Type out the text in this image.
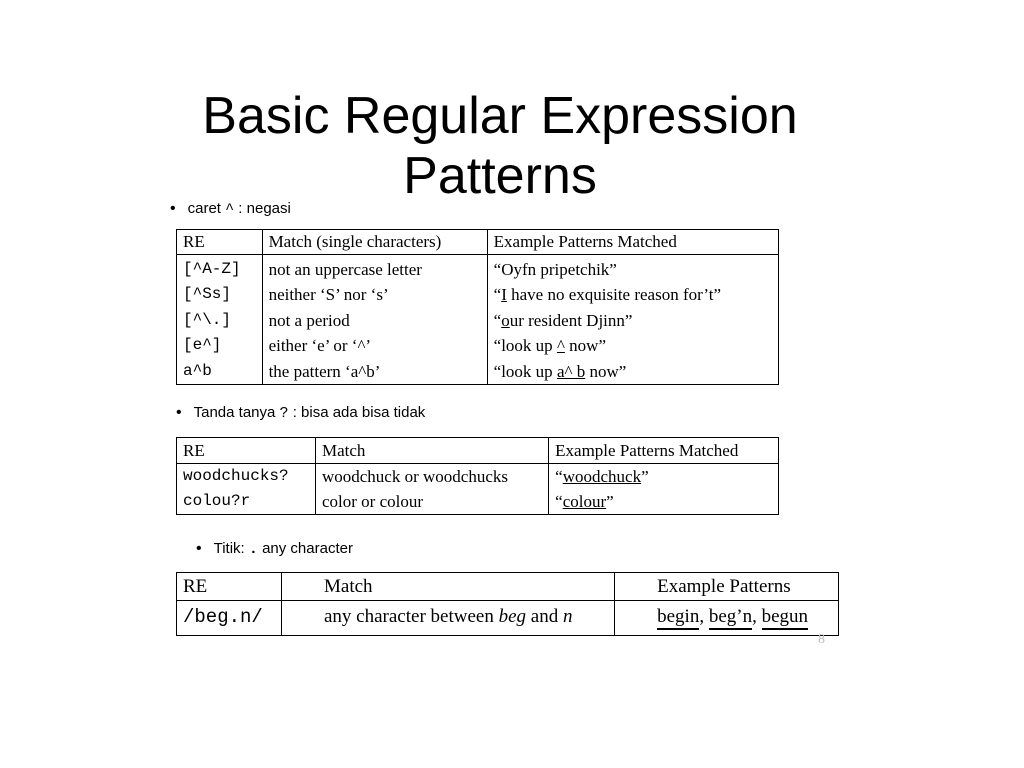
Basic Regular Expression
Patterns
• caret ^ : negasi
RE	Match (single characters)	Example Patterns Matched
[^A-Z]	not an uppercase letter	“Oyfn pripetchik”
[^Ss]	neither ‘S’ nor ‘s’	“I have no exquisite reason for’t”
[^\.]	not a period	“our resident Djinn”
[e^]	either ‘e’ or ‘^’	“look up ^ now”
a^b	the pattern ‘a^b’	“look up a^ b now”
• Tanda tanya ? : bisa ada bisa tidak
RE	Match	Example Patterns Matched
woodchucks?	woodchuck or woodchucks	“woodchuck”
colou?r	color or colour	“colour”
• Titik: . any character
RE	Match	Example Patterns
/beg.n/	any character between beg and n	begin, beg’n, begun
8
